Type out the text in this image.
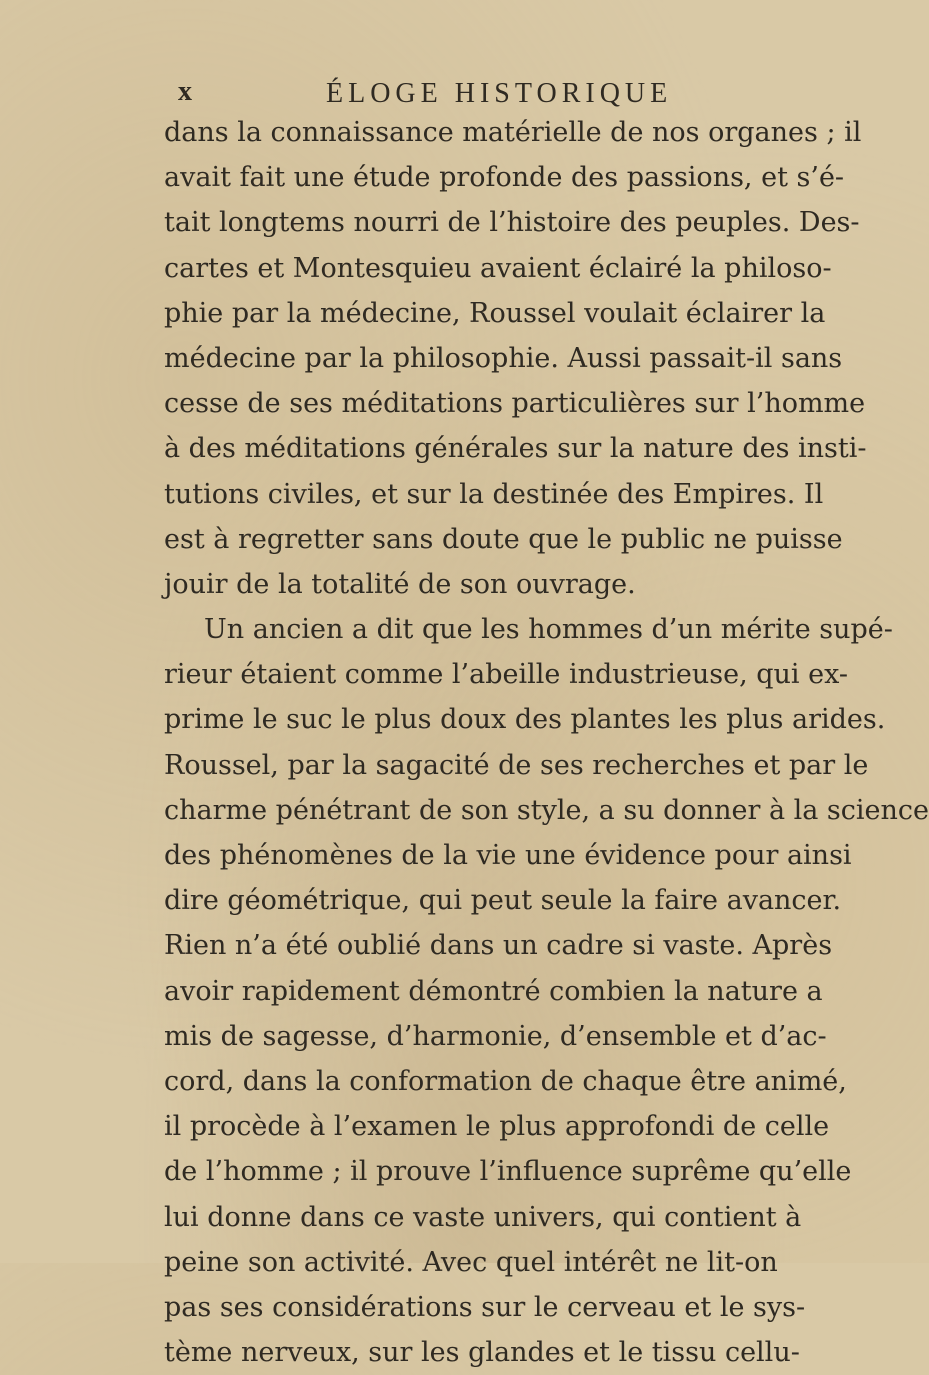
x	ÉLOGE HISTORIQUE
dans la connaissance matérielle de nos organes ; il
avait fait une étude profonde des passions, et s’é-
tait longtems nourri de l’histoire des peuples. Des-
cartes et Montesquieu avaient éclairé la philoso-
phie par la médecine, Roussel voulait éclairer la
médecine par la philosophie. Aussi passait-il sans
cesse de ses méditations particulières sur l’homme
à des méditations générales sur la nature des insti-
tutions civiles, et sur la destinée des Empires. Il
est à regretter sans doute que le public ne puisse
jouir de la totalité de son ouvrage.
Un ancien a dit que les hommes d’un mérite supé-
rieur étaient comme l’abeille industrieuse, qui ex-
prime le suc le plus doux des plantes les plus arides.
Roussel, par la sagacité de ses recherches et par le
charme pénétrant de son style, a su donner à la science
des phénomènes de la vie une évidence pour ainsi
dire géométrique, qui peut seule la faire avancer.
Rien n’a été oublié dans un cadre si vaste. Après
avoir rapidement démontré combien la nature a
mis de sagesse, d’harmonie, d’ensemble et d’ac-
cord, dans la conformation de chaque être animé,
il procède à l’examen le plus approfondi de celle
de l’homme ; il prouve l’influence suprême qu’elle
lui donne dans ce vaste univers, qui contient à
peine son activité. Avec quel intérêt ne lit-on
pas ses considérations sur le cerveau et le sys-
tème nerveux, sur les glandes et le tissu cellu-
